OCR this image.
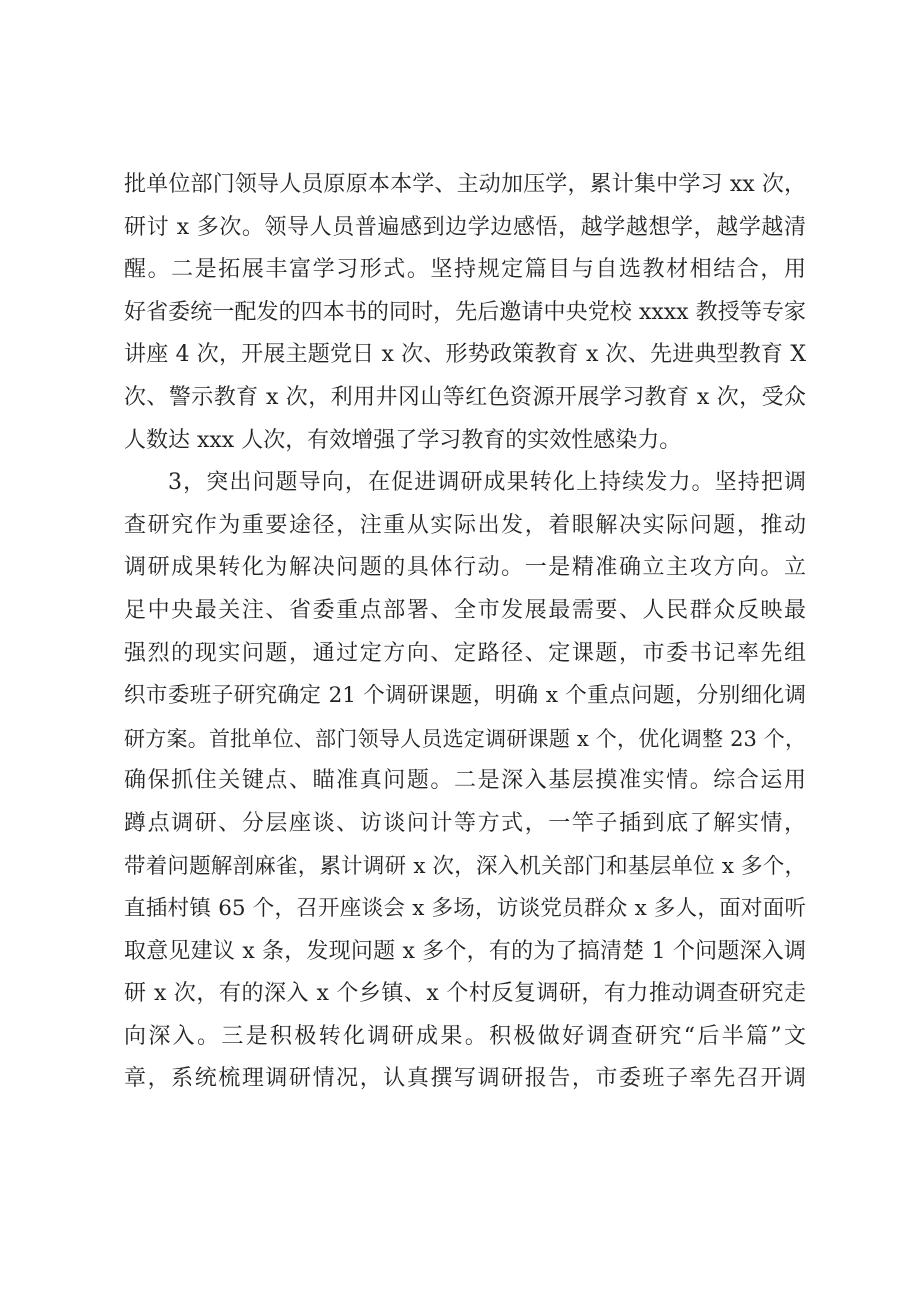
批单位部门领导人员原原本本学、主动加压学，累计集中学习 xx 次，
研讨 x 多次。领导人员普遍感到边学边感悟，越学越想学，越学越清
醒。二是拓展丰富学习形式。坚持规定篇目与自选教材相结合，用
好省委统一配发的四本书的同时，先后邀请中央党校 xxxx 教授等专家
讲座 4 次，开展主题党日 x 次、形势政策教育 x 次、先进典型教育 X
次、警示教育 x 次，利用井冈山等红色资源开展学习教育 x 次，受众
人数达 xxx 人次，有效增强了学习教育的实效性感染力。
3，突出问题导向，在促进调研成果转化上持续发力。坚持把调
查研究作为重要途径，注重从实际出发，着眼解决实际问题，推动
调研成果转化为解决问题的具体行动。一是精准确立主攻方向。立
足中央最关注、省委重点部署、全市发展最需要、人民群众反映最
强烈的现实问题，通过定方向、定路径、定课题，市委书记率先组
织市委班子研究确定 21 个调研课题，明确 x 个重点问题，分别细化调
研方案。首批单位、部门领导人员选定调研课题 x 个，优化调整 23 个，
确保抓住关键点、瞄准真问题。二是深入基层摸准实情。综合运用
蹲点调研、分层座谈、访谈问计等方式，一竿子插到底了解实情，
带着问题解剖麻雀，累计调研 x 次，深入机关部门和基层单位 x 多个，
直插村镇 65 个，召开座谈会 x 多场，访谈党员群众 x 多人，面对面听
取意见建议 x 条，发现问题 x 多个，有的为了搞清楚 1 个问题深入调
研 x 次，有的深入 x 个乡镇、x 个村反复调研，有力推动调查研究走
向深入。三是积极转化调研成果。积极做好调查研究“后半篇”文
章，系统梳理调研情况，认真撰写调研报告，市委班子率先召开调
